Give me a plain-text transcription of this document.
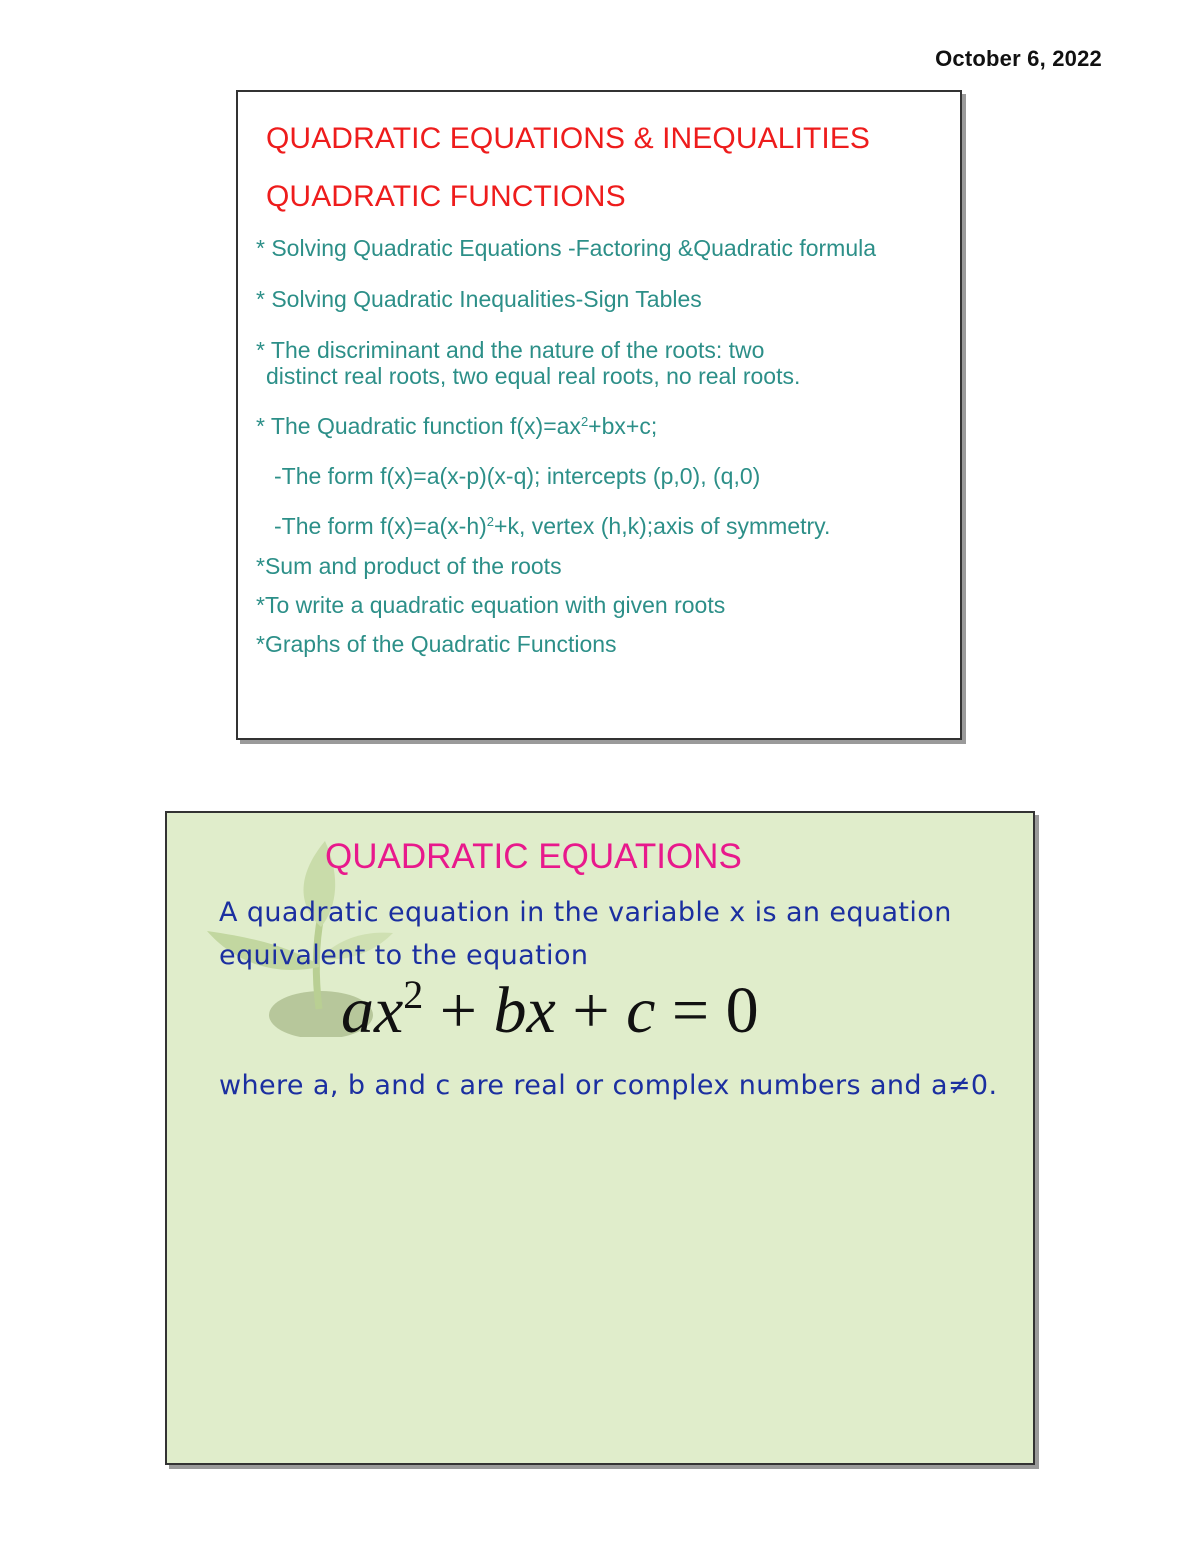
October 6, 2022
QUADRATIC EQUATIONS & INEQUALITIES
QUADRATIC FUNCTIONS
* Solving Quadratic Equations -Factoring &Quadratic formula
* Solving Quadratic Inequalities-Sign Tables
* The discriminant and the nature of the roots: two
distinct real roots, two equal real roots, no real roots.
* The Quadratic function $f(x)=ax^2+bx+c$;
-The form f(x)=a(x-p)(x-q); intercepts (p,0), (q,0)
-The form $f(x)=a(x-h)^2+k$, vertex (h,k);axis of symmetry.
*Sum and product of the roots
*To write a quadratic equation with given roots
*Graphs of the Quadratic Functions
QUADRATIC EQUATIONS
A quadratic equation in the variable x is an equation
equivalent to the equation
$ax^2$ + bx + c = 0
where a, b and c are real or complex numbers and a≠0.
